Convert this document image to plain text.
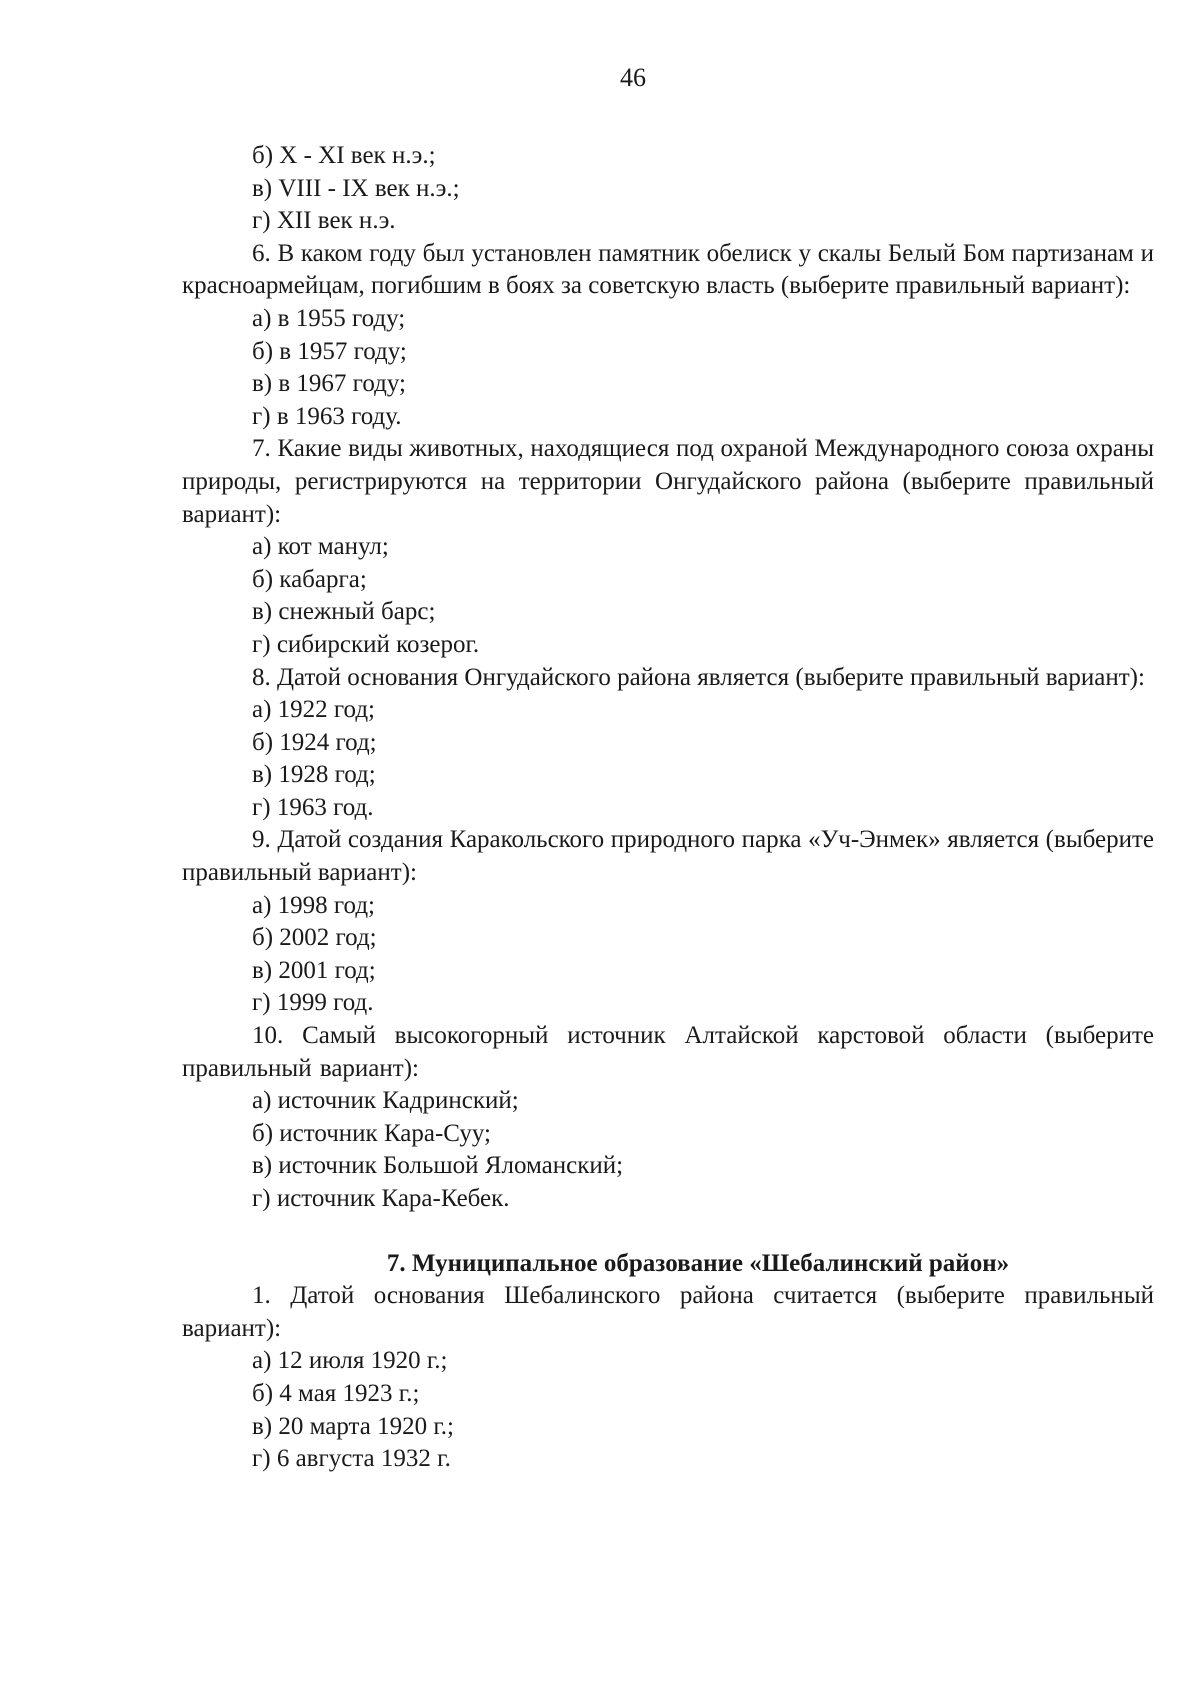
46
б) X - XI век н.э.;
в) VIII - IX век н.э.;
г) XII век н.э.
6. В каком году был установлен памятник обелиск у скалы Белый Бом партизанам и красноармейцам, погибшим в боях за советскую власть (выберите правильный вариант):
а) в 1955 году;
б) в 1957 году;
в) в 1967 году;
г) в 1963 году.
7. Какие виды животных, находящиеся под охраной Международного союза охраны природы, регистрируются на территории Онгудайского района (выберите правильный вариант):
а) кот манул;
б) кабарга;
в) снежный барс;
г) сибирский козерог.
8. Датой основания Онгудайского района является (выберите правильный вариант):
а) 1922 год;
б) 1924 год;
в) 1928 год;
г) 1963 год.
9. Датой создания Каракольского природного парка «Уч-Энмек» является (выберите правильный вариант):
а) 1998 год;
б) 2002 год;
в) 2001 год;
г) 1999 год.
10. Самый высокогорный источник Алтайской карстовой области (выберите правильный вариант):
а) источник Кадринский;
б) источник Кара-Суу;
в) источник Большой Яломанский;
г) источник Кара-Кебек.
7. Муниципальное образование «Шебалинский район»
1. Датой основания Шебалинского района считается (выберите правильный вариант):
а) 12 июля 1920 г.;
б) 4 мая 1923 г.;
в) 20 марта 1920 г.;
г) 6 августа 1932 г.
